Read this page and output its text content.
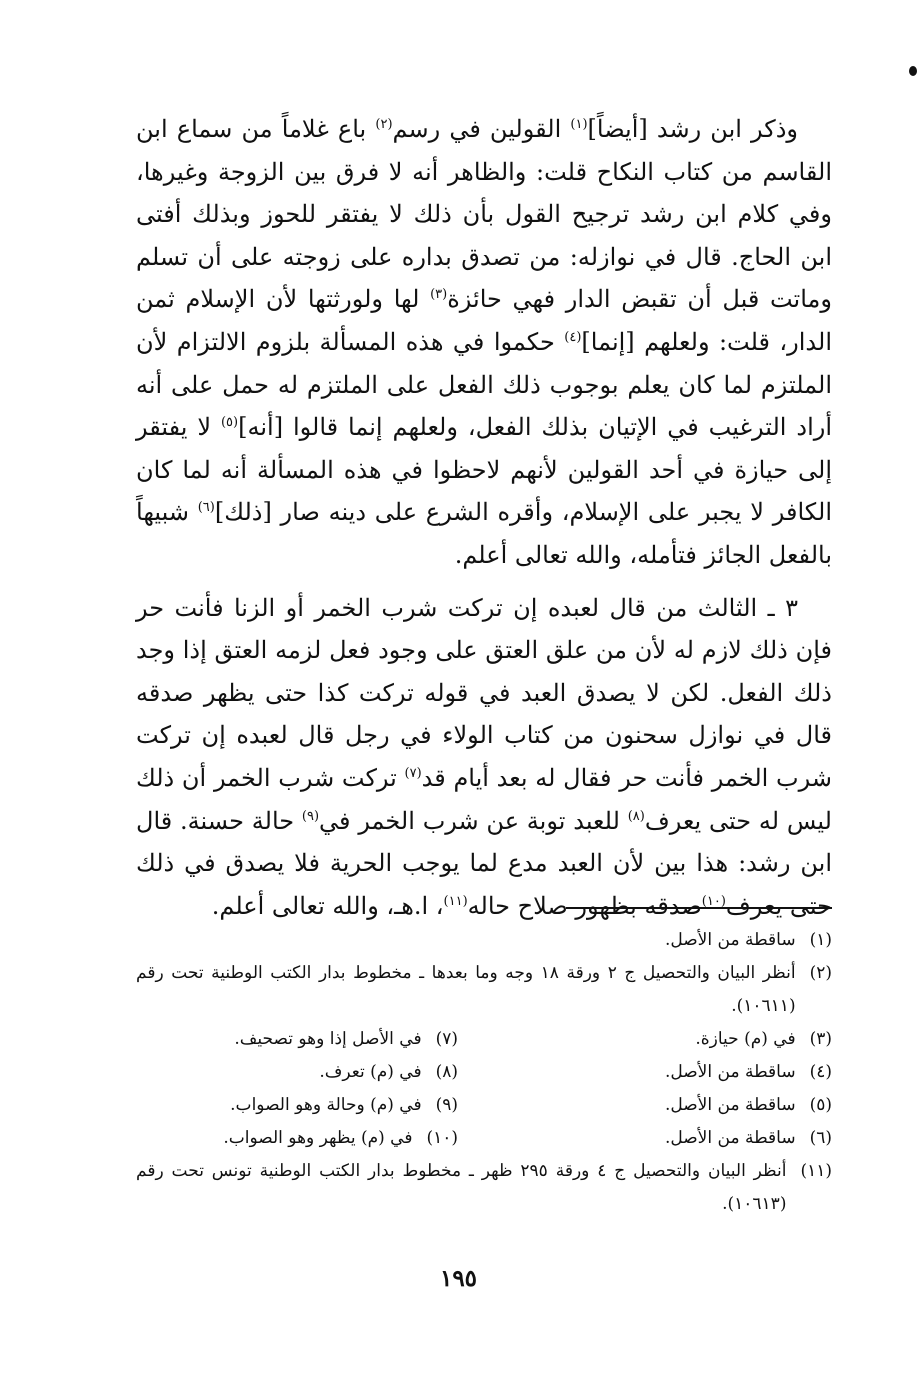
وذكر ابن رشد [أيضاً]$^{(١)}$ القولين في رسم$^{(٢)}$ باع غلاماً من سماع ابن القاسم من كتاب النكاح قلت: والظاهر أنه لا فرق بين الزوجة وغيرها، وفي كلام ابن رشد ترجيح القول بأن ذلك لا يفتقر للحوز وبذلك أفتى ابن الحاج. قال في نوازله: من تصدق بداره على زوجته على أن تسلم وماتت قبل أن تقبض الدار فهي حائزة$^{(٣)}$ لها ولورثتها لأن الإسلام ثمن الدار، قلت: ولعلهم [إنما]$^{(٤)}$ حكموا في هذه المسألة بلزوم الالتزام لأن الملتزم لما كان يعلم بوجوب ذلك الفعل على الملتزم له حمل على أنه أراد الترغيب في الإتيان بذلك الفعل، ولعلهم إنما قالوا [أنه]$^{(٥)}$ لا يفتقر إلى حيازة في أحد القولين لأنهم لاحظوا في هذه المسألة أنه لما كان الكافر لا يجبر على الإسلام، وأقره الشرع على دينه صار [ذلك]$^{(٦)}$ شبيهاً بالفعل الجائز فتأمله، والله تعالى أعلم.

٣ ـ الثالث من قال لعبده إن تركت شرب الخمر أو الزنا فأنت حر فإن ذلك لازم له لأن من علق العتق على وجود فعل لزمه العتق إذا وجد ذلك الفعل. لكن لا يصدق العبد في قوله تركت كذا حتى يظهر صدقه قال في نوازل سحنون من كتاب الولاء في رجل قال لعبده إن تركت شرب الخمر فأنت حر فقال له بعد أيام قد$^{(٧)}$ تركت شرب الخمر أن ذلك ليس له حتى يعرف$^{(٨)}$ للعبد توبة عن شرب الخمر في$^{(٩)}$ حالة حسنة. قال ابن رشد: هذا بين لأن العبد مدع لما يوجب الحرية فلا يصدق في ذلك حتى يعرف$^{(١٠)}$صدقه بظهور صلاح حاله$^{(١١)}$، ا.هـ، والله تعالى أعلم.

(١)
ساقطة من الأصل.
(٢)
أنظر البيان والتحصيل ج ٢ ورقة ١٨ وجه وما بعدها ـ مخطوط بدار الكتب الوطنية تحت رقم (١٠٦١١).
(٣)
في (م) حيازة.
(٧)
في الأصل إذا وهو تصحيف.
(٤)
ساقطة من الأصل.
(٨)
في (م) تعرف.
(٥)
ساقطة من الأصل.
(٩)
في (م) وحالة وهو الصواب.
(٦)
ساقطة من الأصل.
(١٠)
في (م) يظهر وهو الصواب.
(١١)
أنظر البيان والتحصيل ج ٤ ورقة ٢٩٥ ظهر ـ مخطوط بدار الكتب الوطنية تونس تحت رقم (١٠٦١٣).
١٩٥
